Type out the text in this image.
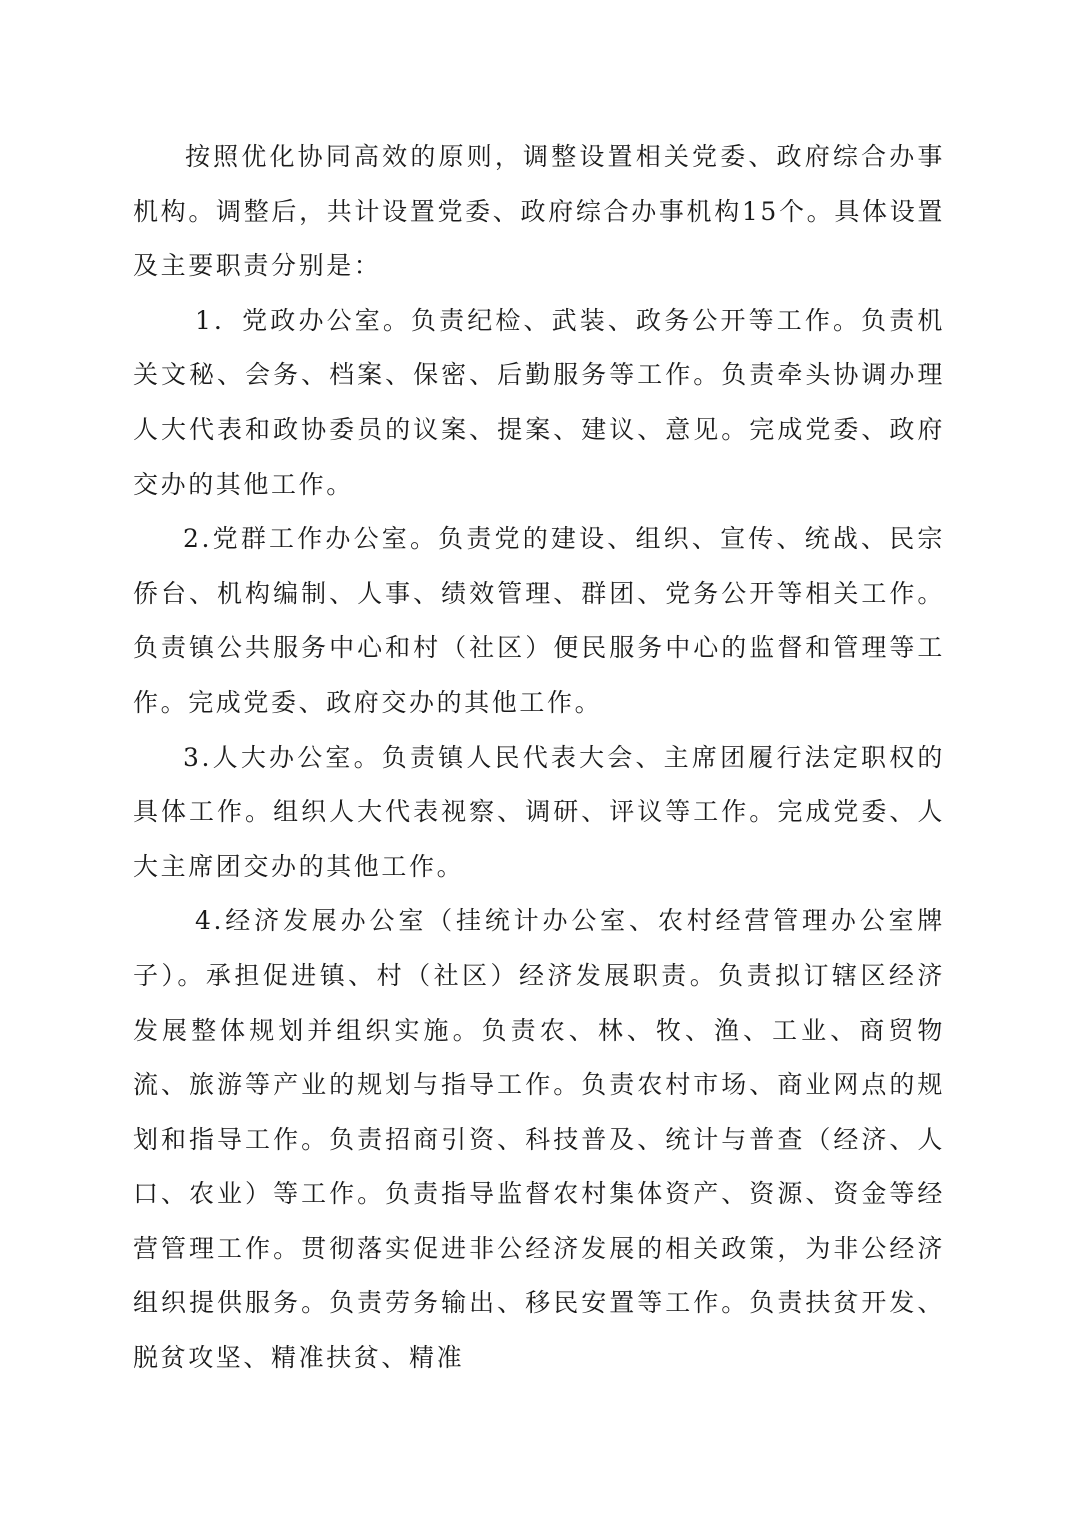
按照优化协同高效的原则，调整设置相关党委、政府综合办事机构。调整后，共计设置党委、政府综合办事机构15个。具体设置及主要职责分别是：

1．党政办公室。负责纪检、武装、政务公开等工作。负责机关文秘、会务、档案、保密、后勤服务等工作。负责牵头协调办理人大代表和政协委员的议案、提案、建议、意见。完成党委、政府交办的其他工作。

2.党群工作办公室。负责党的建设、组织、宣传、统战、民宗侨台、机构编制、人事、绩效管理、群团、党务公开等相关工作。负责镇公共服务中心和村（社区）便民服务中心的监督和管理等工作。完成党委、政府交办的其他工作。

3.人大办公室。负责镇人民代表大会、主席团履行法定职权的具体工作。组织人大代表视察、调研、评议等工作。完成党委、人大主席团交办的其他工作。

4.经济发展办公室（挂统计办公室、农村经营管理办公室牌子）。承担促进镇、村（社区）经济发展职责。负责拟订辖区经济发展整体规划并组织实施。负责农、林、牧、渔、工业、商贸物流、旅游等产业的规划与指导工作。负责农村市场、商业网点的规划和指导工作。负责招商引资、科技普及、统计与普查（经济、人口、农业）等工作。负责指导监督农村集体资产、资源、资金等经营管理工作。贯彻落实促进非公经济发展的相关政策，为非公经济组织提供服务。负责劳务输出、移民安置等工作。负责扶贫开发、脱贫攻坚、精准扶贫、精准
